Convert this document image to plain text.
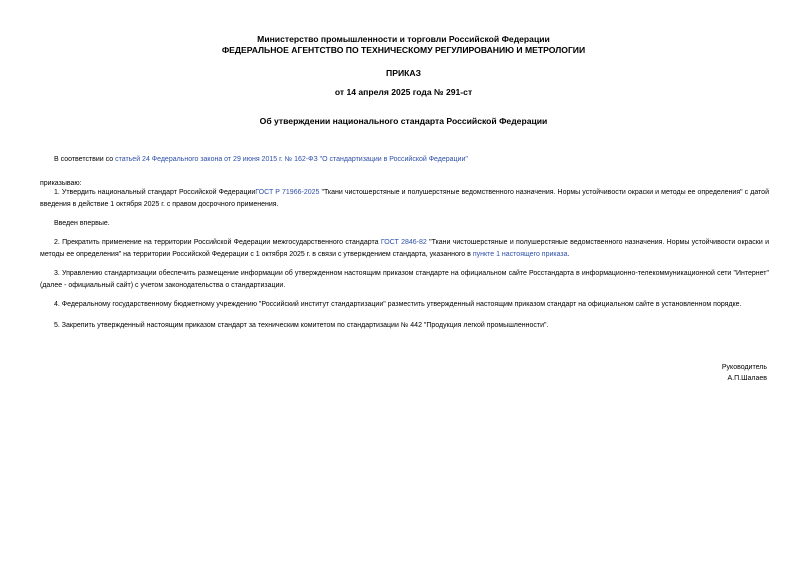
Министерство промышленности и торговли Российской Федерации
ФЕДЕРАЛЬНОЕ АГЕНТСТВО ПО ТЕХНИЧЕСКОМУ РЕГУЛИРОВАНИЮ И МЕТРОЛОГИИ
ПРИКАЗ
от 14 апреля 2025 года № 291-ст
Об утверждении национального стандарта Российской Федерации
В соответствии со статьей 24 Федерального закона от 29 июня 2015 г. № 162-ФЗ "О стандартизации в Российской Федерации"
приказываю:
1. Утвердить национальный стандарт Российской ФедерацииГОСТ Р 71966-2025 "Ткани чистошерстяные и полушерстяные ведомственного назначения. Нормы устойчивости окраски и методы ее определения" с датой введения в действие 1 октября 2025 г. с правом досрочного применения.
Введен впервые.
2. Прекратить применение на территории Российской Федерации межгосударственного стандарта ГОСТ 2846-82 "Ткани чистошерстяные и полушерстяные ведомственного назначения. Нормы устойчивости окраски и методы ее определения" на территории Российской Федерации с 1 октября 2025 г. в связи с утверждением стандарта, указанного в пункте 1 настоящего приказа.
3. Управлению стандартизации обеспечить размещение информации об утвержденном настоящим приказом стандарте на официальном сайте Росстандарта в информационно-телекоммуникационной сети "Интернет" (далее - официальный сайт) с учетом законодательства о стандартизации.
4. Федеральному государственному бюджетному учреждению "Российский институт стандартизации" разместить утвержденный настоящим приказом стандарт на официальном сайте в установленном порядке.
5. Закрепить утвержденный настоящим приказом стандарт за техническим комитетом по стандартизации № 442 "Продукция легкой промышленности".
Руководитель
А.П.Шалаев
